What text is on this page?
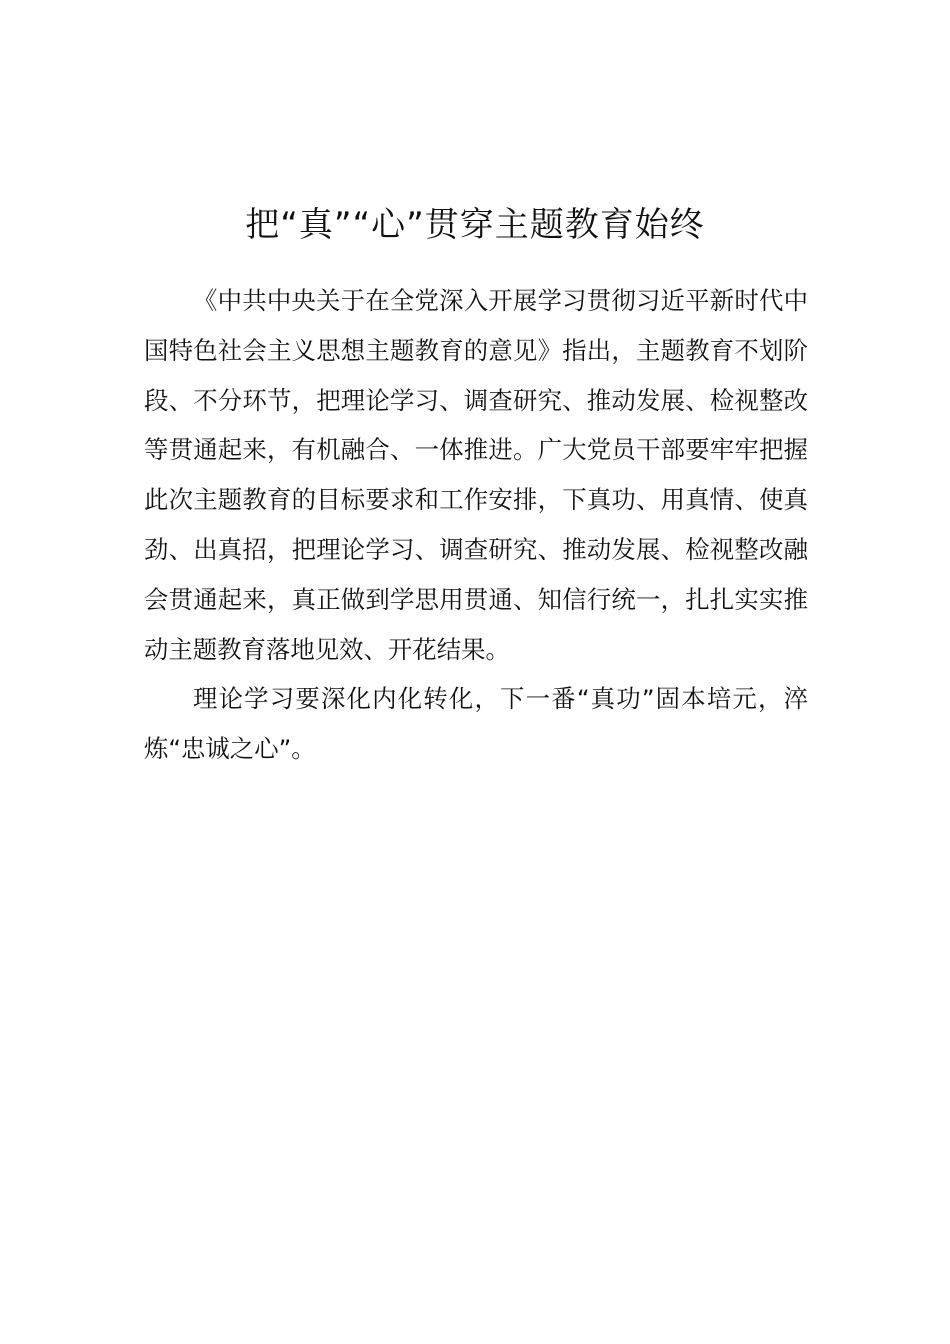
把“真”“心”贯穿主题教育始终

《中共中央关于在全党深入开展学习贯彻习近平新时代中国特色社会主义思想主题教育的意见》指出，主题教育不划阶段、不分环节，把理论学习、调查研究、推动发展、检视整改等贯通起来，有机融合、一体推进。广大党员干部要牢牢把握此次主题教育的目标要求和工作安排，下真功、用真情、使真劲、出真招，把理论学习、调查研究、推动发展、检视整改融会贯通起来，真正做到学思用贯通、知信行统一，扎扎实实推动主题教育落地见效、开花结果。

理论学习要深化内化转化，下一番“真功”固本培元，淬炼“忠诚之心”。
